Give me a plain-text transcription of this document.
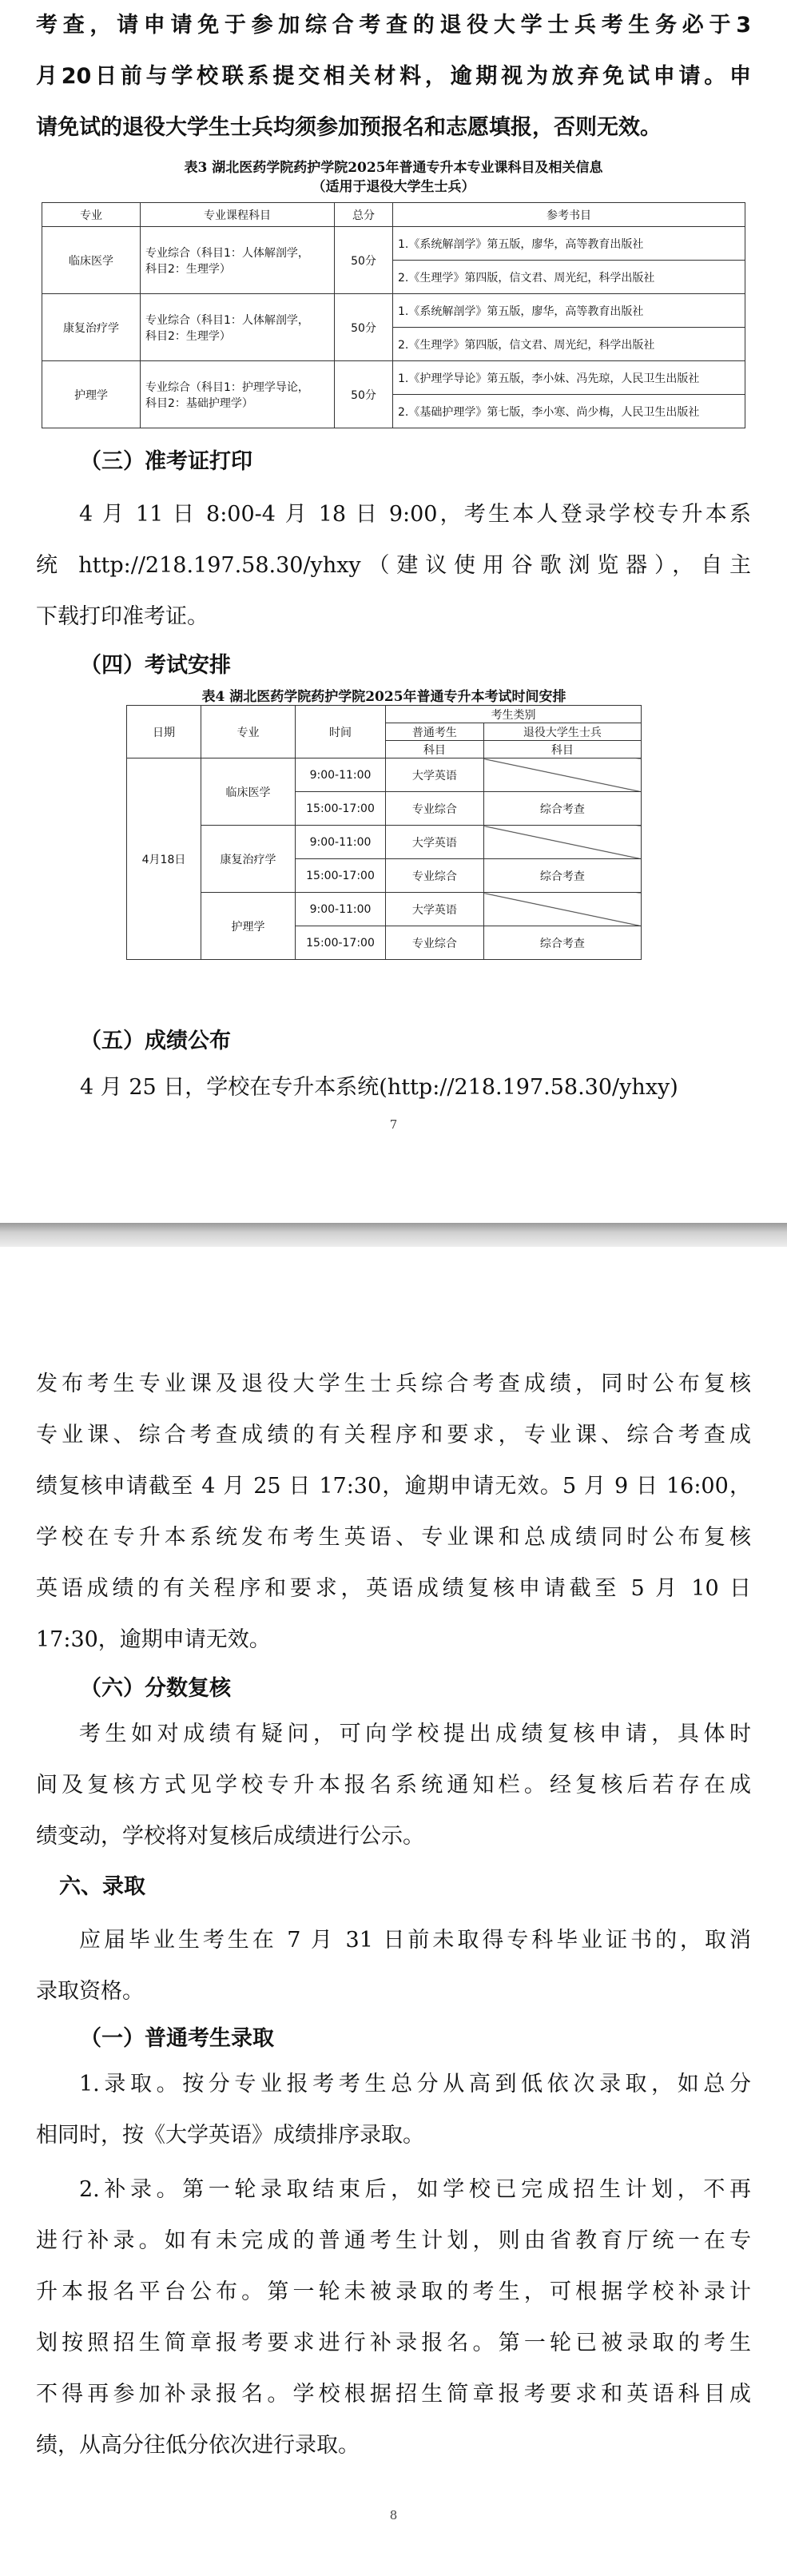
考查，请申请免于参加综合考查的退役大学士兵考生务必于3
月20日前与学校联系提交相关材料，逾期视为放弃免试申请。申
请免试的退役大学生士兵均须参加预报名和志愿填报，否则无效。
表3 湖北医药学院药护学院2025年普通专升本专业课科目及相关信息
（适用于退役大学生士兵）
专业	专业课程科目	总分	参考书目
临床医学	专业综合（科目1：人体解剖学，
科目2：生理学）	50分	1.《系统解剖学》第五版，廖华，高等教育出版社
			2.《生理学》第四版，信文君、周光纪，科学出版社
康复治疗学	专业综合（科目1：人体解剖学，
科目2：生理学）	50分	1.《系统解剖学》第五版，廖华，高等教育出版社
			2.《生理学》第四版，信文君、周光纪，科学出版社
护理学	专业综合（科目1：护理学导论，
科目2：基础护理学）	50分	1.《护理学导论》第五版，李小妹、冯先琼，人民卫生出版社
			2.《基础护理学》第七版，李小寒、尚少梅，人民卫生出版社
（三）准考证打印
4 月 11 日 8:00-4 月 18 日 9:00，考生本人登录学校专升本系
统 http://218.197.58.30/yhxy（建议使用谷歌浏览器），自主
下载打印准考证。
（四）考试安排
表4 湖北医药学院药护学院2025年普通专升本考试时间安排
日期	专业	时间	考生类别	
			普通考生	退役大学生士兵
			科目	科目
4月18日	临床医学	9:00-11:00	大学英语	
		15:00-17:00	专业综合	综合考查
	康复治疗学	9:00-11:00	大学英语	
		15:00-17:00	专业综合	综合考查
	护理学	9:00-11:00	大学英语	
		15:00-17:00	专业综合	综合考查
（五）成绩公布
4 月 25 日，学校在专升本系统(http://218.197.58.30/yhxy)
7
发布考生专业课及退役大学生士兵综合考查成绩，同时公布复核
专业课、综合考查成绩的有关程序和要求，专业课、综合考查成
绩复核申请截至 4 月 25 日 17:30，逾期申请无效。5 月 9 日 16:00，
学校在专升本系统发布考生英语、专业课和总成绩同时公布复核
英语成绩的有关程序和要求，英语成绩复核申请截至 5 月 10 日
17:30，逾期申请无效。
（六）分数复核
考生如对成绩有疑问，可向学校提出成绩复核申请，具体时
间及复核方式见学校专升本报名系统通知栏。经复核后若存在成
绩变动，学校将对复核后成绩进行公示。
六、录取
应届毕业生考生在 7 月 31 日前未取得专科毕业证书的，取消
录取资格。
（一）普通考生录取
1.录取。按分专业报考考生总分从高到低依次录取，如总分
相同时，按《大学英语》成绩排序录取。
2.补录。第一轮录取结束后，如学校已完成招生计划，不再
进行补录。如有未完成的普通考生计划，则由省教育厅统一在专
升本报名平台公布。第一轮未被录取的考生，可根据学校补录计
划按照招生简章报考要求进行补录报名。第一轮已被录取的考生
不得再参加补录报名。学校根据招生简章报考要求和英语科目成
绩，从高分往低分依次进行录取。
8
